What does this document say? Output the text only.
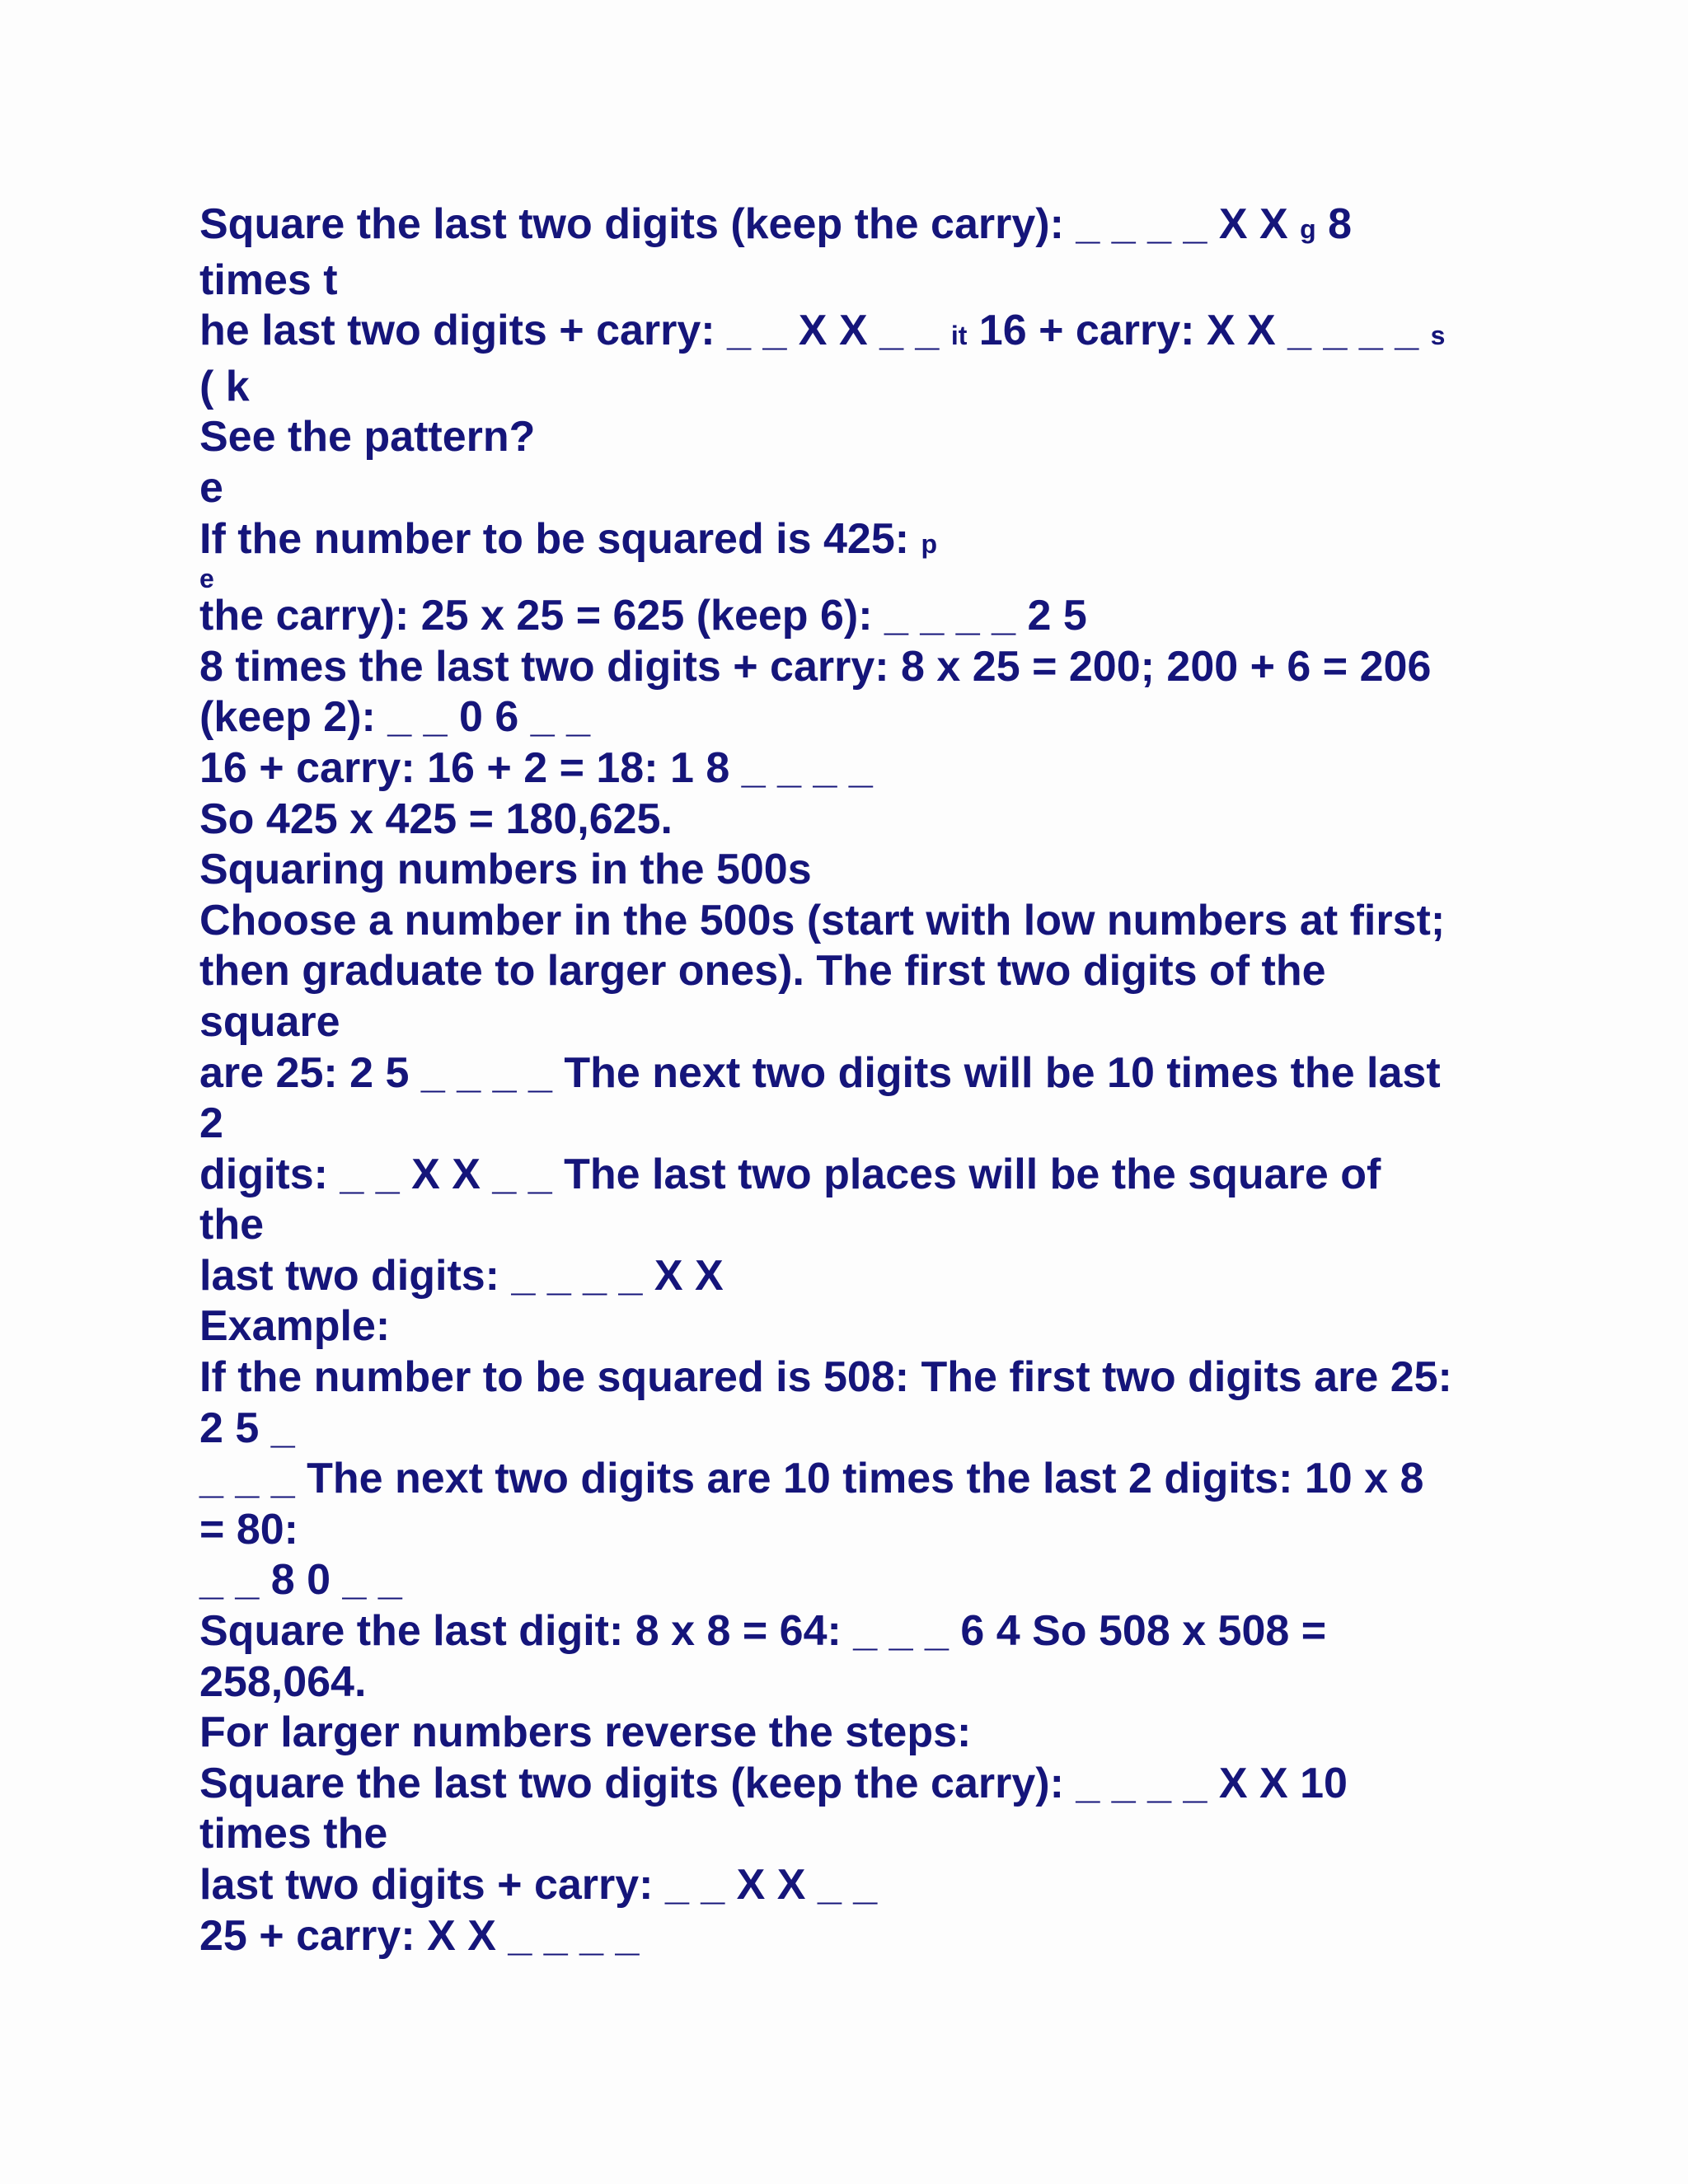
Square the last two digits (keep the carry): _ _ _ _ X X g 8
times t
he last two digits + carry: _ _ X X _ _ it 16 + carry: X X _ _ _ _ s
( k
See the pattern?
e
If the number to be squared is 425: p
e
the carry): 25 x 25 = 625 (keep 6): _ _ _ _ 2 5
8 times the last two digits + carry: 8 x 25 = 200; 200 + 6 = 206
(keep 2): _ _ 0 6 _ _
16 + carry: 16 + 2 = 18: 1 8 _ _ _ _
So 425 x 425 = 180,625.
Squaring numbers in the 500s
Choose a number in the 500s (start with low numbers at first;
then graduate to larger ones). The first two digits of the
square
are 25: 2 5 _ _ _ _ The next two digits will be 10 times the last
2
digits: _ _ X X _ _ The last two places will be the square of
the
last two digits: _ _ _ _ X X
Example:
If the number to be squared is 508: The first two digits are 25:
2 5 _
_ _ _ The next two digits are 10 times the last 2 digits: 10 x 8
= 80:
_ _ 8 0 _ _
Square the last digit: 8 x 8 = 64: _ _ _ 6 4 So 508 x 508 =
258,064.
For larger numbers reverse the steps:
Square the last two digits (keep the carry): _ _ _ _ X X 10
times the
last two digits + carry: _ _ X X _ _
25 + carry: X X _ _ _ _
